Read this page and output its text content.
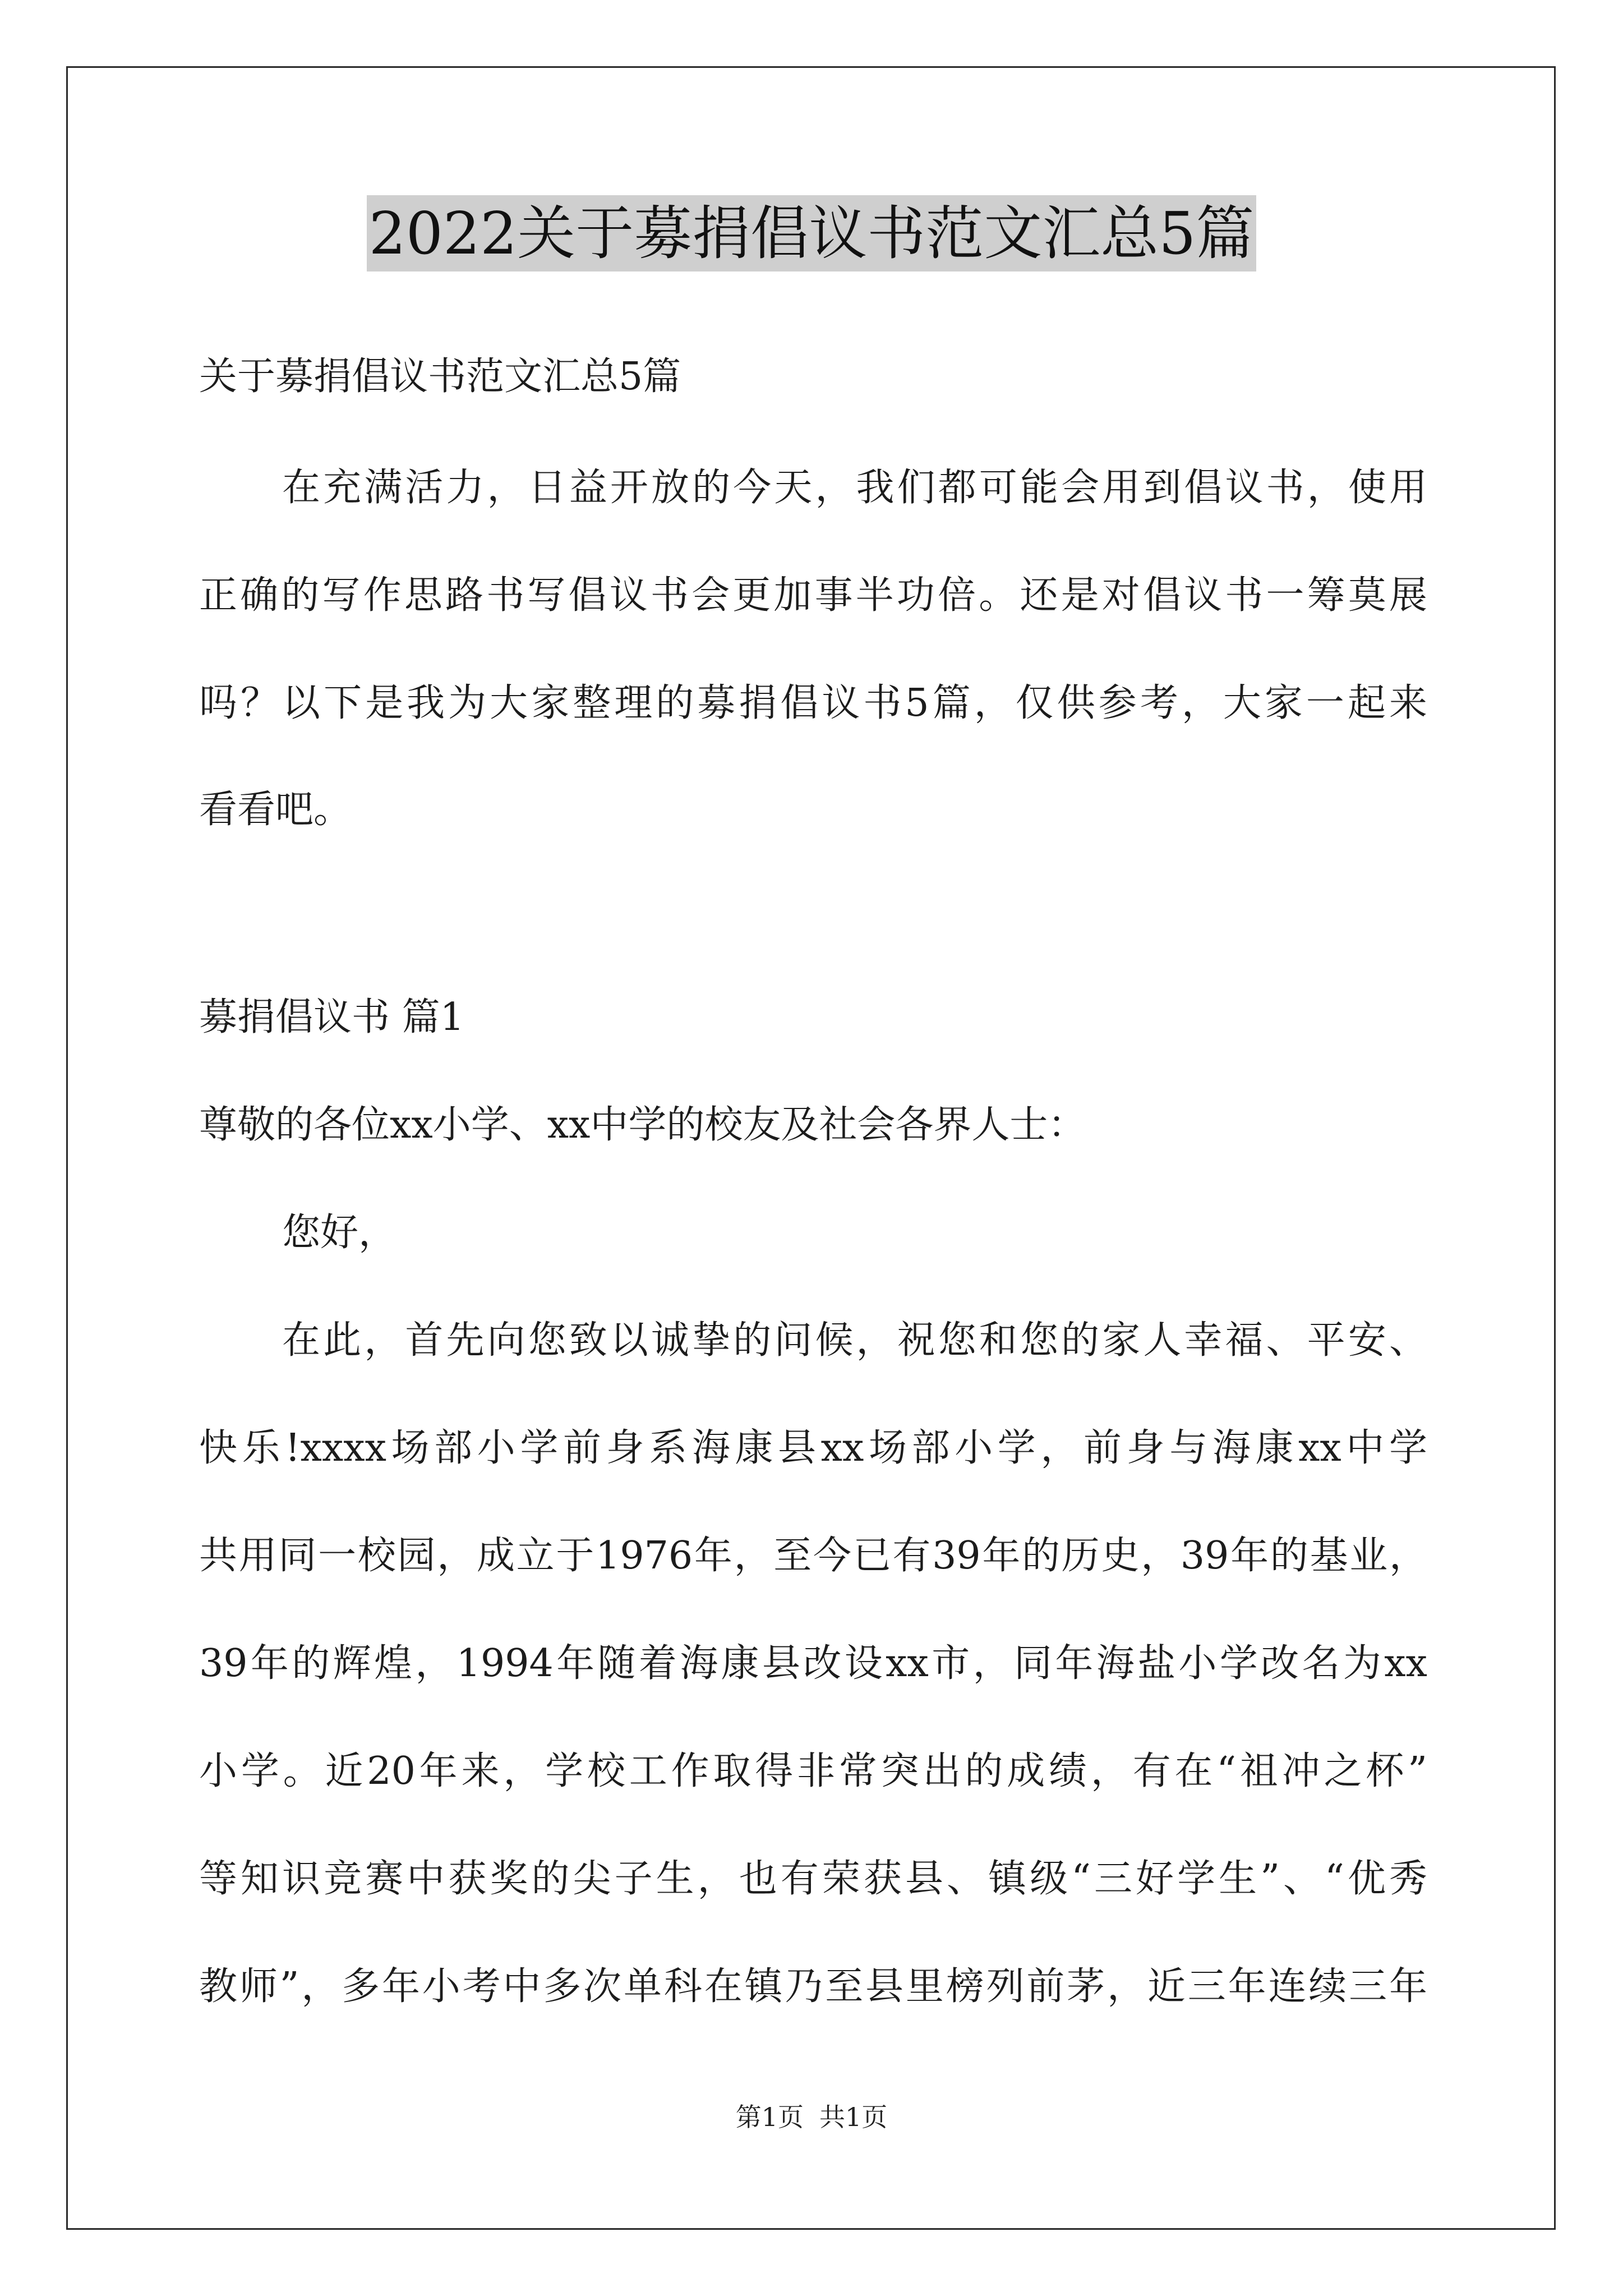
2022关于募捐倡议书范文汇总5篇
关于募捐倡议书范文汇总5篇
在充满活力，日益开放的今天，我们都可能会用到倡议书，使用
正确的写作思路书写倡议书会更加事半功倍。还是对倡议书一筹莫展
吗？以下是我为大家整理的募捐倡议书5篇，仅供参考，大家一起来
看看吧。
募捐倡议书 篇1
尊敬的各位xx小学、xx中学的校友及社会各界人士：
您好，
在此，首先向您致以诚挚的问候，祝您和您的家人幸福、平安、
快乐!xxxx场部小学前身系海康县xx场部小学，前身与海康xx中学
共用同一校园，成立于1976年，至今已有39年的历史，39年的基业，
39年的辉煌，1994年随着海康县改设xx市，同年海盐小学改名为xx
小学。近20年来，学校工作取得非常突出的成绩，有在“祖冲之杯”
等知识竞赛中获奖的尖子生，也有荣获县、镇级“三好学生”、“优秀
教师”，多年小考中多次单科在镇乃至县里榜列前茅，近三年连续三年
第1页 共1页
